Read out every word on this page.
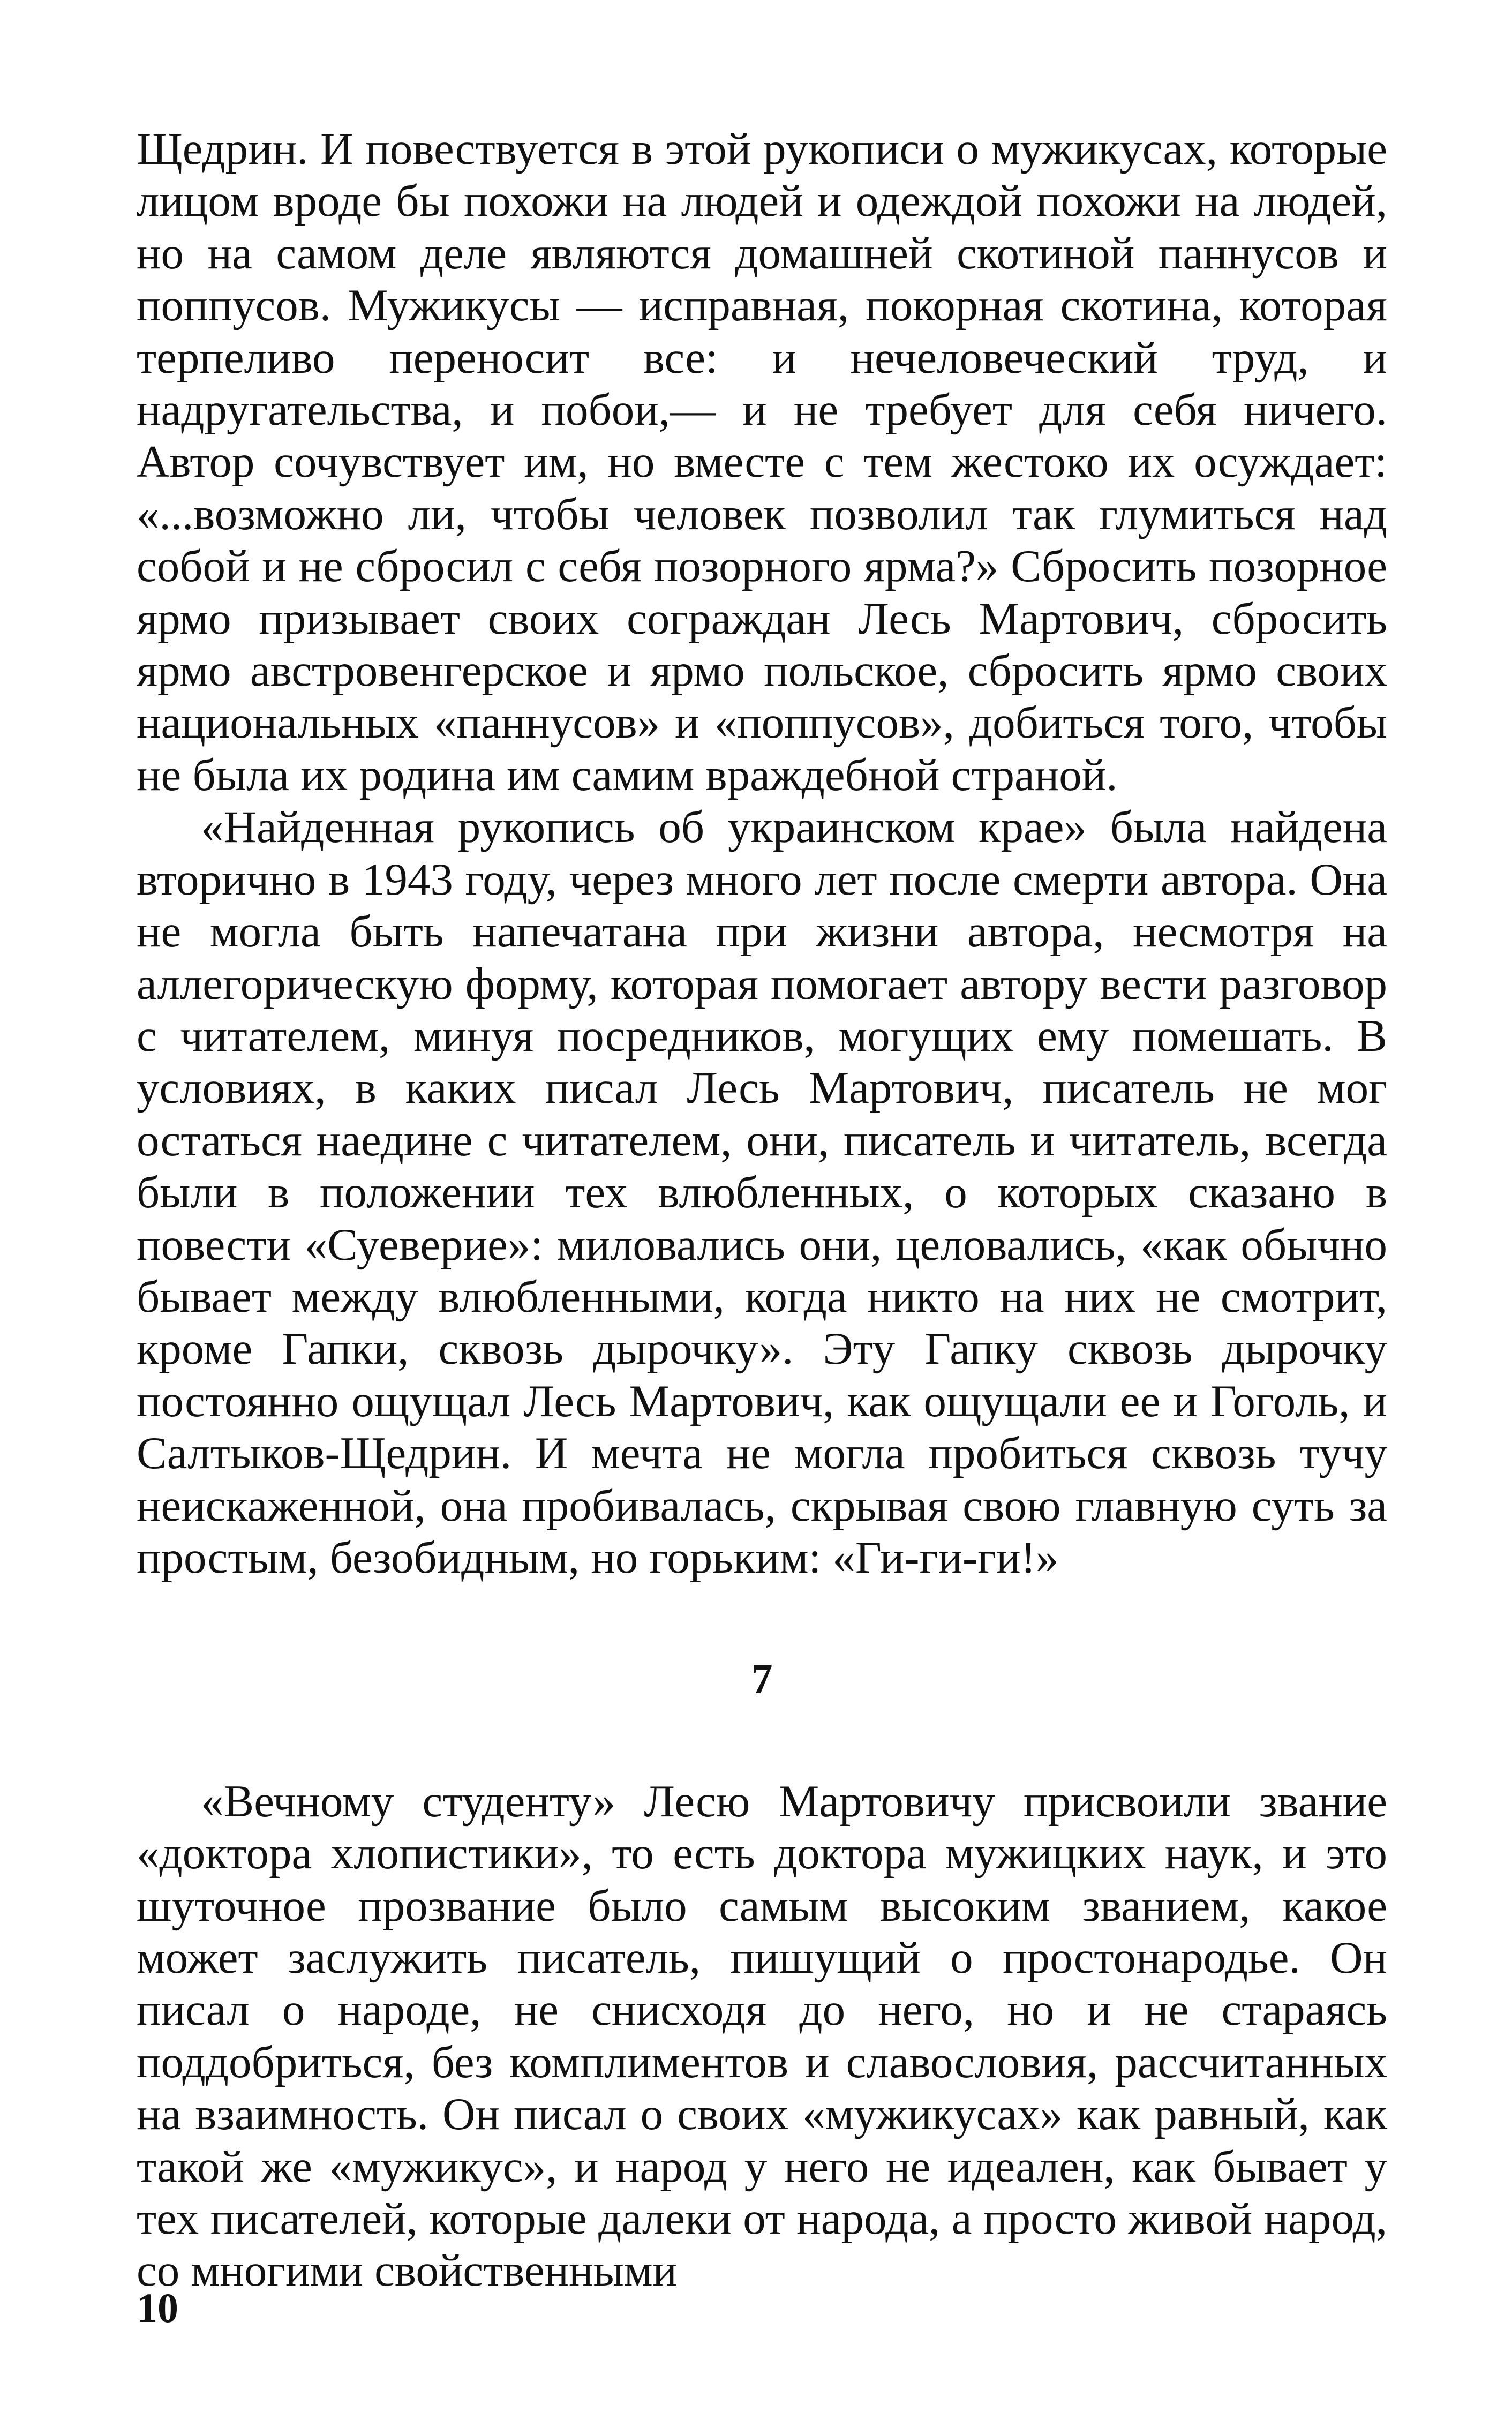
Щедрин. И повествуется в этой рукописи о мужикусах, которые лицом вроде бы похожи на людей и одеждой похожи на людей, но на самом деле являются домашней скотиной паннусов и поппусов. Мужикусы — исправная, покорная скотина, которая терпеливо переносит все: и нечеловеческий труд, и надругательства, и побои,— и не требует для себя ничего. Автор сочувствует им, но вместе с тем жестоко их осуждает: «...возможно ли, чтобы человек позволил так глумиться над собой и не сбросил с себя позорного ярма?» Сбросить позорное ярмо призывает своих сограждан Лесь Мартович, сбросить ярмо австровенгерское и ярмо польское, сбросить ярмо своих национальных «паннусов» и «поппусов», добиться того, чтобы не была их родина им самим враждебной страной.

«Найденная рукопись об украинском крае» была найдена вторично в 1943 году, через много лет после смерти автора. Она не могла быть напечатана при жизни автора, несмотря на аллегорическую форму, которая помогает автору вести разговор с читателем, минуя посредников, могущих ему помешать. В условиях, в каких писал Лесь Мартович, писатель не мог остаться наедине с читателем, они, писатель и читатель, всегда были в положении тех влюбленных, о которых сказано в повести «Суеверие»: миловались они, целовались, «как обычно бывает между влюбленными, когда никто на них не смотрит, кроме Гапки, сквозь дырочку». Эту Гапку сквозь дырочку постоянно ощущал Лесь Мартович, как ощущали ее и Гоголь, и Салтыков-Щедрин. И мечта не могла пробиться сквозь тучу неискаженной, она пробивалась, скрывая свою главную суть за простым, безобидным, но горьким: «Ги-ги-ги!»

7

«Вечному студенту» Лесю Мартовичу присвоили звание «доктора хлопистики», то есть доктора мужицких наук, и это шуточное прозвание было самым высоким званием, какое может заслужить писатель, пишущий о простонародье. Он писал о народе, не снисходя до него, но и не стараясь поддобриться, без комплиментов и славословия, рассчитанных на взаимность. Он писал о своих «мужикусах» как равный, как такой же «мужикус», и народ у него не идеален, как бывает у тех писателей, которые далеки от народа, а просто живой народ, со многими свойственными

10
